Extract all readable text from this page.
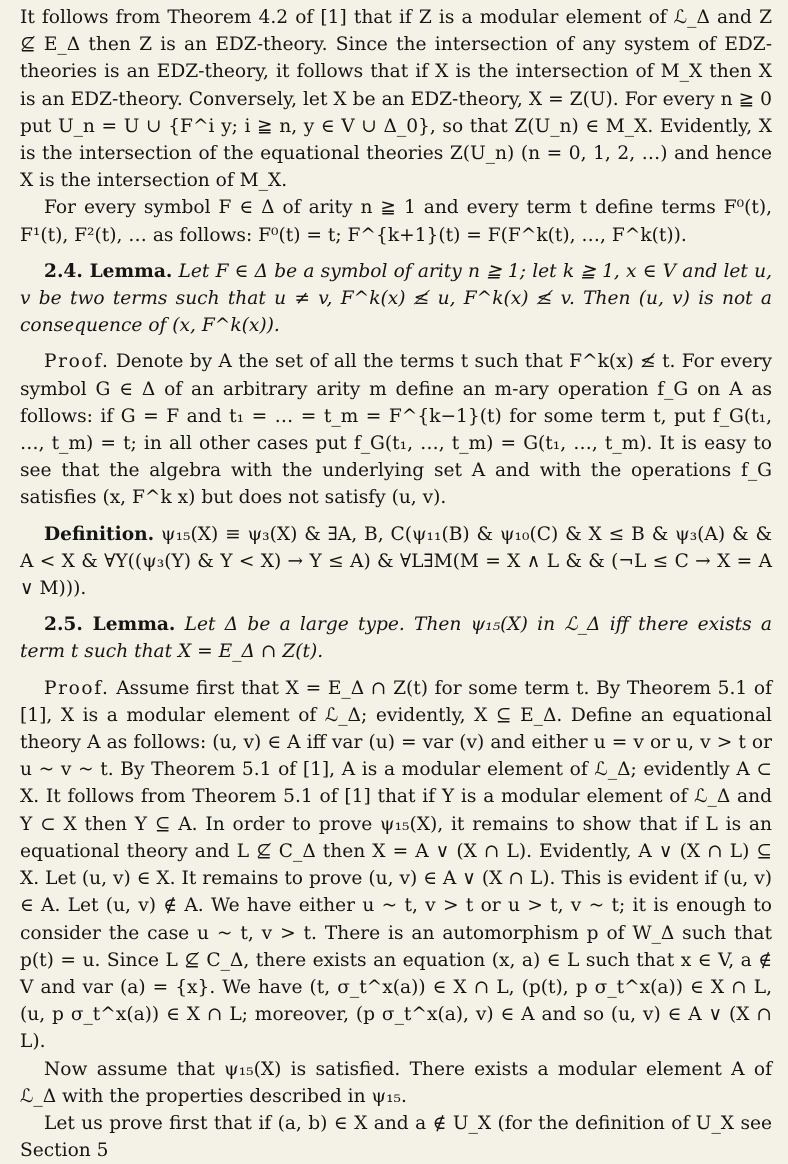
It follows from Theorem 4.2 of [1] that if Z is a modular element of ℒ_Δ and Z ⊈ E_Δ then Z is an EDZ-theory. Since the intersection of any system of EDZ-theories is an EDZ-theory, it follows that if X is the intersection of M_X then X is an EDZ-theory. Conversely, let X be an EDZ-theory, X = Z(U). For every n ≧ 0 put U_n = U ∪ {F^i y; i ≧ n, y ∈ V ∪ Δ_0}, so that Z(U_n) ∈ M_X. Evidently, X is the intersection of the equational theories Z(U_n) (n = 0, 1, 2, …) and hence X is the intersection of M_X.

For every symbol F ∈ Δ of arity n ≧ 1 and every term t define terms F⁰(t), F¹(t), F²(t), … as follows: F⁰(t) = t; F^{k+1}(t) = F(F^k(t), …, F^k(t)).

2.4. Lemma. Let F ∈ Δ be a symbol of arity n ≧ 1; let k ≧ 1, x ∈ V and let u, v be two terms such that u ≠ v, F^k(x) ≰ u, F^k(x) ≰ v. Then (u, v) is not a consequence of (x, F^k(x)).

Proof. Denote by A the set of all the terms t such that F^k(x) ≰ t. For every symbol G ∈ Δ of an arbitrary arity m define an m-ary operation f_G on A as follows: if G = F and t₁ = … = t_m = F^{k−1}(t) for some term t, put f_G(t₁, …, t_m) = t; in all other cases put f_G(t₁, …, t_m) = G(t₁, …, t_m). It is easy to see that the algebra with the underlying set A and with the operations f_G satisfies (x, F^k x) but does not satisfy (u, v).

Definition. ψ₁₅(X) ≡ ψ₃(X) & ∃A, B, C(ψ₁₁(B) & ψ₁₀(C) & X ≤ B & ψ₃(A) & & A < X & ∀Y((ψ₃(Y) & Y < X) → Y ≤ A) & ∀L∃M(M = X ∧ L & & (¬L ≤ C → X = A ∨ M))).

2.5. Lemma. Let Δ be a large type. Then ψ₁₅(X) in ℒ_Δ iff there exists a term t such that X = E_Δ ∩ Z(t).

Proof. Assume first that X = E_Δ ∩ Z(t) for some term t. By Theorem 5.1 of [1], X is a modular element of ℒ_Δ; evidently, X ⊆ E_Δ. Define an equational theory A as follows: (u, v) ∈ A iff var (u) = var (v) and either u = v or u, v > t or u ~ v ~ t. By Theorem 5.1 of [1], A is a modular element of ℒ_Δ; evidently A ⊂ X. It follows from Theorem 5.1 of [1] that if Y is a modular element of ℒ_Δ and Y ⊂ X then Y ⊆ A. In order to prove ψ₁₅(X), it remains to show that if L is an equational theory and L ⊈ C_Δ then X = A ∨ (X ∩ L). Evidently, A ∨ (X ∩ L) ⊆ X. Let (u, v) ∈ X. It remains to prove (u, v) ∈ A ∨ (X ∩ L). This is evident if (u, v) ∈ A. Let (u, v) ∉ A. We have either u ~ t, v > t or u > t, v ~ t; it is enough to consider the case u ~ t, v > t. There is an automorphism p of W_Δ such that p(t) = u. Since L ⊈ C_Δ, there exists an equation (x, a) ∈ L such that x ∈ V, a ∉ V and var (a) = {x}. We have (t, σ_t^x(a)) ∈ X ∩ L, (p(t), p σ_t^x(a)) ∈ X ∩ L, (u, p σ_t^x(a)) ∈ X ∩ L; moreover, (p σ_t^x(a), v) ∈ A and so (u, v) ∈ A ∨ (X ∩ L).

Now assume that ψ₁₅(X) is satisfied. There exists a modular element A of ℒ_Δ with the properties described in ψ₁₅.

Let us prove first that if (a, b) ∈ X and a ∉ U_X (for the definition of U_X see Section 5
